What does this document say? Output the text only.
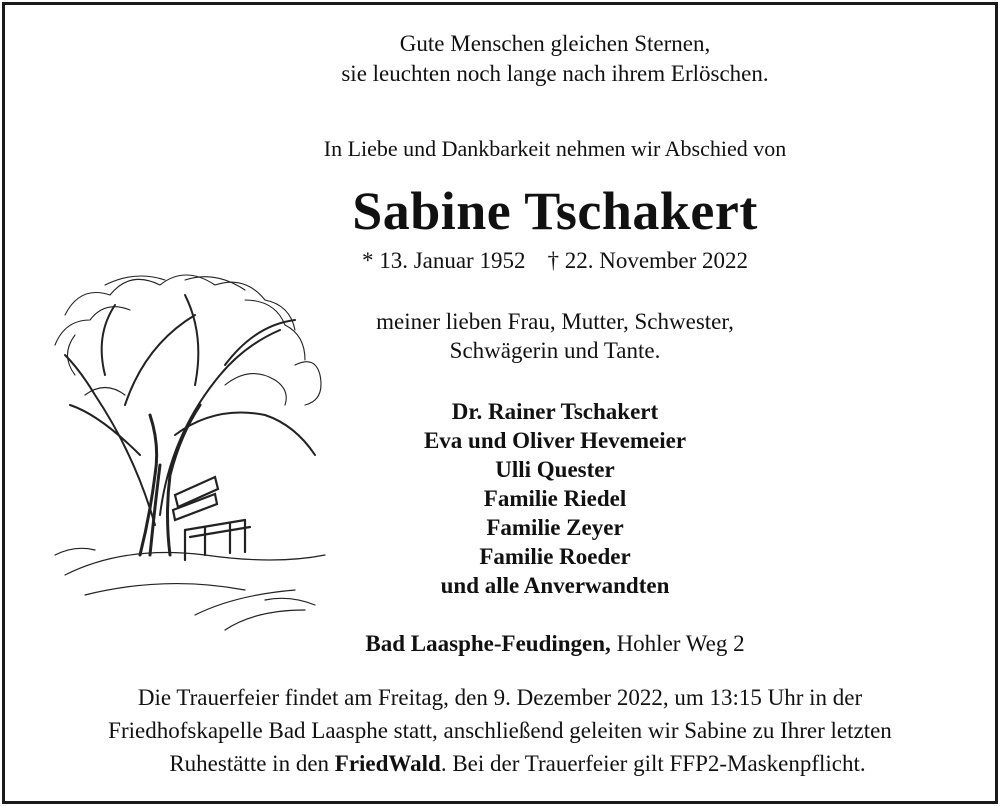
Gute Menschen gleichen Sternen,
sie leuchten noch lange nach ihrem Erlöschen.
In Liebe und Dankbarkeit nehmen wir Abschied von
Sabine Tschakert
* 13. Januar 1952 † 22. November 2022
meiner lieben Frau, Mutter, Schwester,
Schwägerin und Tante.
Dr. Rainer Tschakert
Eva und Oliver Hevemeier
Ulli Quester
Familie Riedel
Familie Zeyer
Familie Roeder
und alle Anverwandten
Bad Laasphe-Feudingen, Hohler Weg 2
Die Trauerfeier findet am Freitag, den 9. Dezember 2022, um 13:15 Uhr in der
Friedhofskapelle Bad Laasphe statt, anschließend geleiten wir Sabine zu Ihrer letzten
Ruhestätte in den FriedWald. Bei der Trauerfeier gilt FFP2-Maskenpflicht.
